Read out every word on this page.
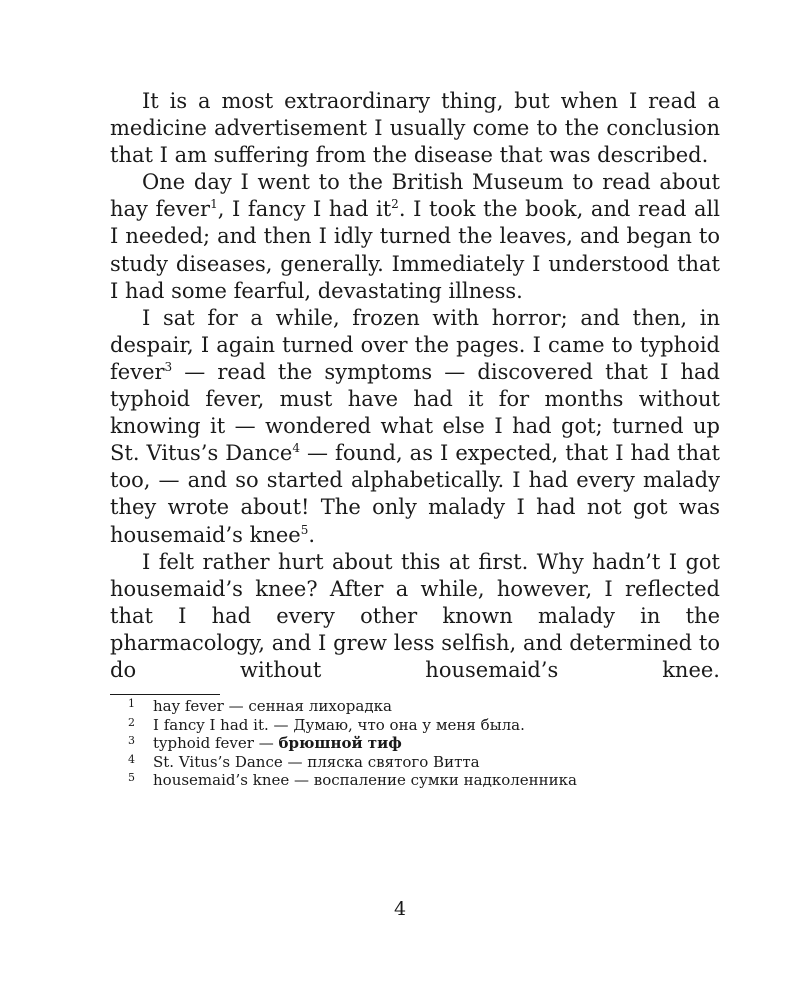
It is a most extraordinary thing, but when I read a medicine advertisement I usually come to the conclusion that I am suffering from the disease that was described.

One day I went to the British Museum to read about hay fever$^1$, I fancy I had $it^2$. I took the book, and read all I needed; and then I idly turned the leaves, and began to study diseases, generally. Immediately I understood that I had some fearful, devastating illness.

I sat for a while, frozen with horror; and then, in despair, I again turned over the pages. I came to typhoid fever$^3$ — read the symptoms — discovered that I had typhoid fever, must have had it for months without knowing it — wondered what else I had got; turned up St. Vitus’s Dance$^4$ — found, as I expected, that I had that too, — and so started alphabetically. I had every malady they wrote about! The only malady I had not got was housemaid’s knee$^5$.

I felt rather hurt about this at first. Why hadn’t I got housemaid’s knee? After a while, however, I reflected that I had every other known malady in the pharmacology, and I grew less selfish, and determined to do without housemaid’s knee.

1	hay fever — сенная лихорадка
2	I fancy I had it. — Думаю, что она у меня была.
3	typhoid fever — брюшной тиф
4	St. Vitus’s Dance — пляска святого Витта
5	housemaid’s knee — воспаление сумки надколенника
4
